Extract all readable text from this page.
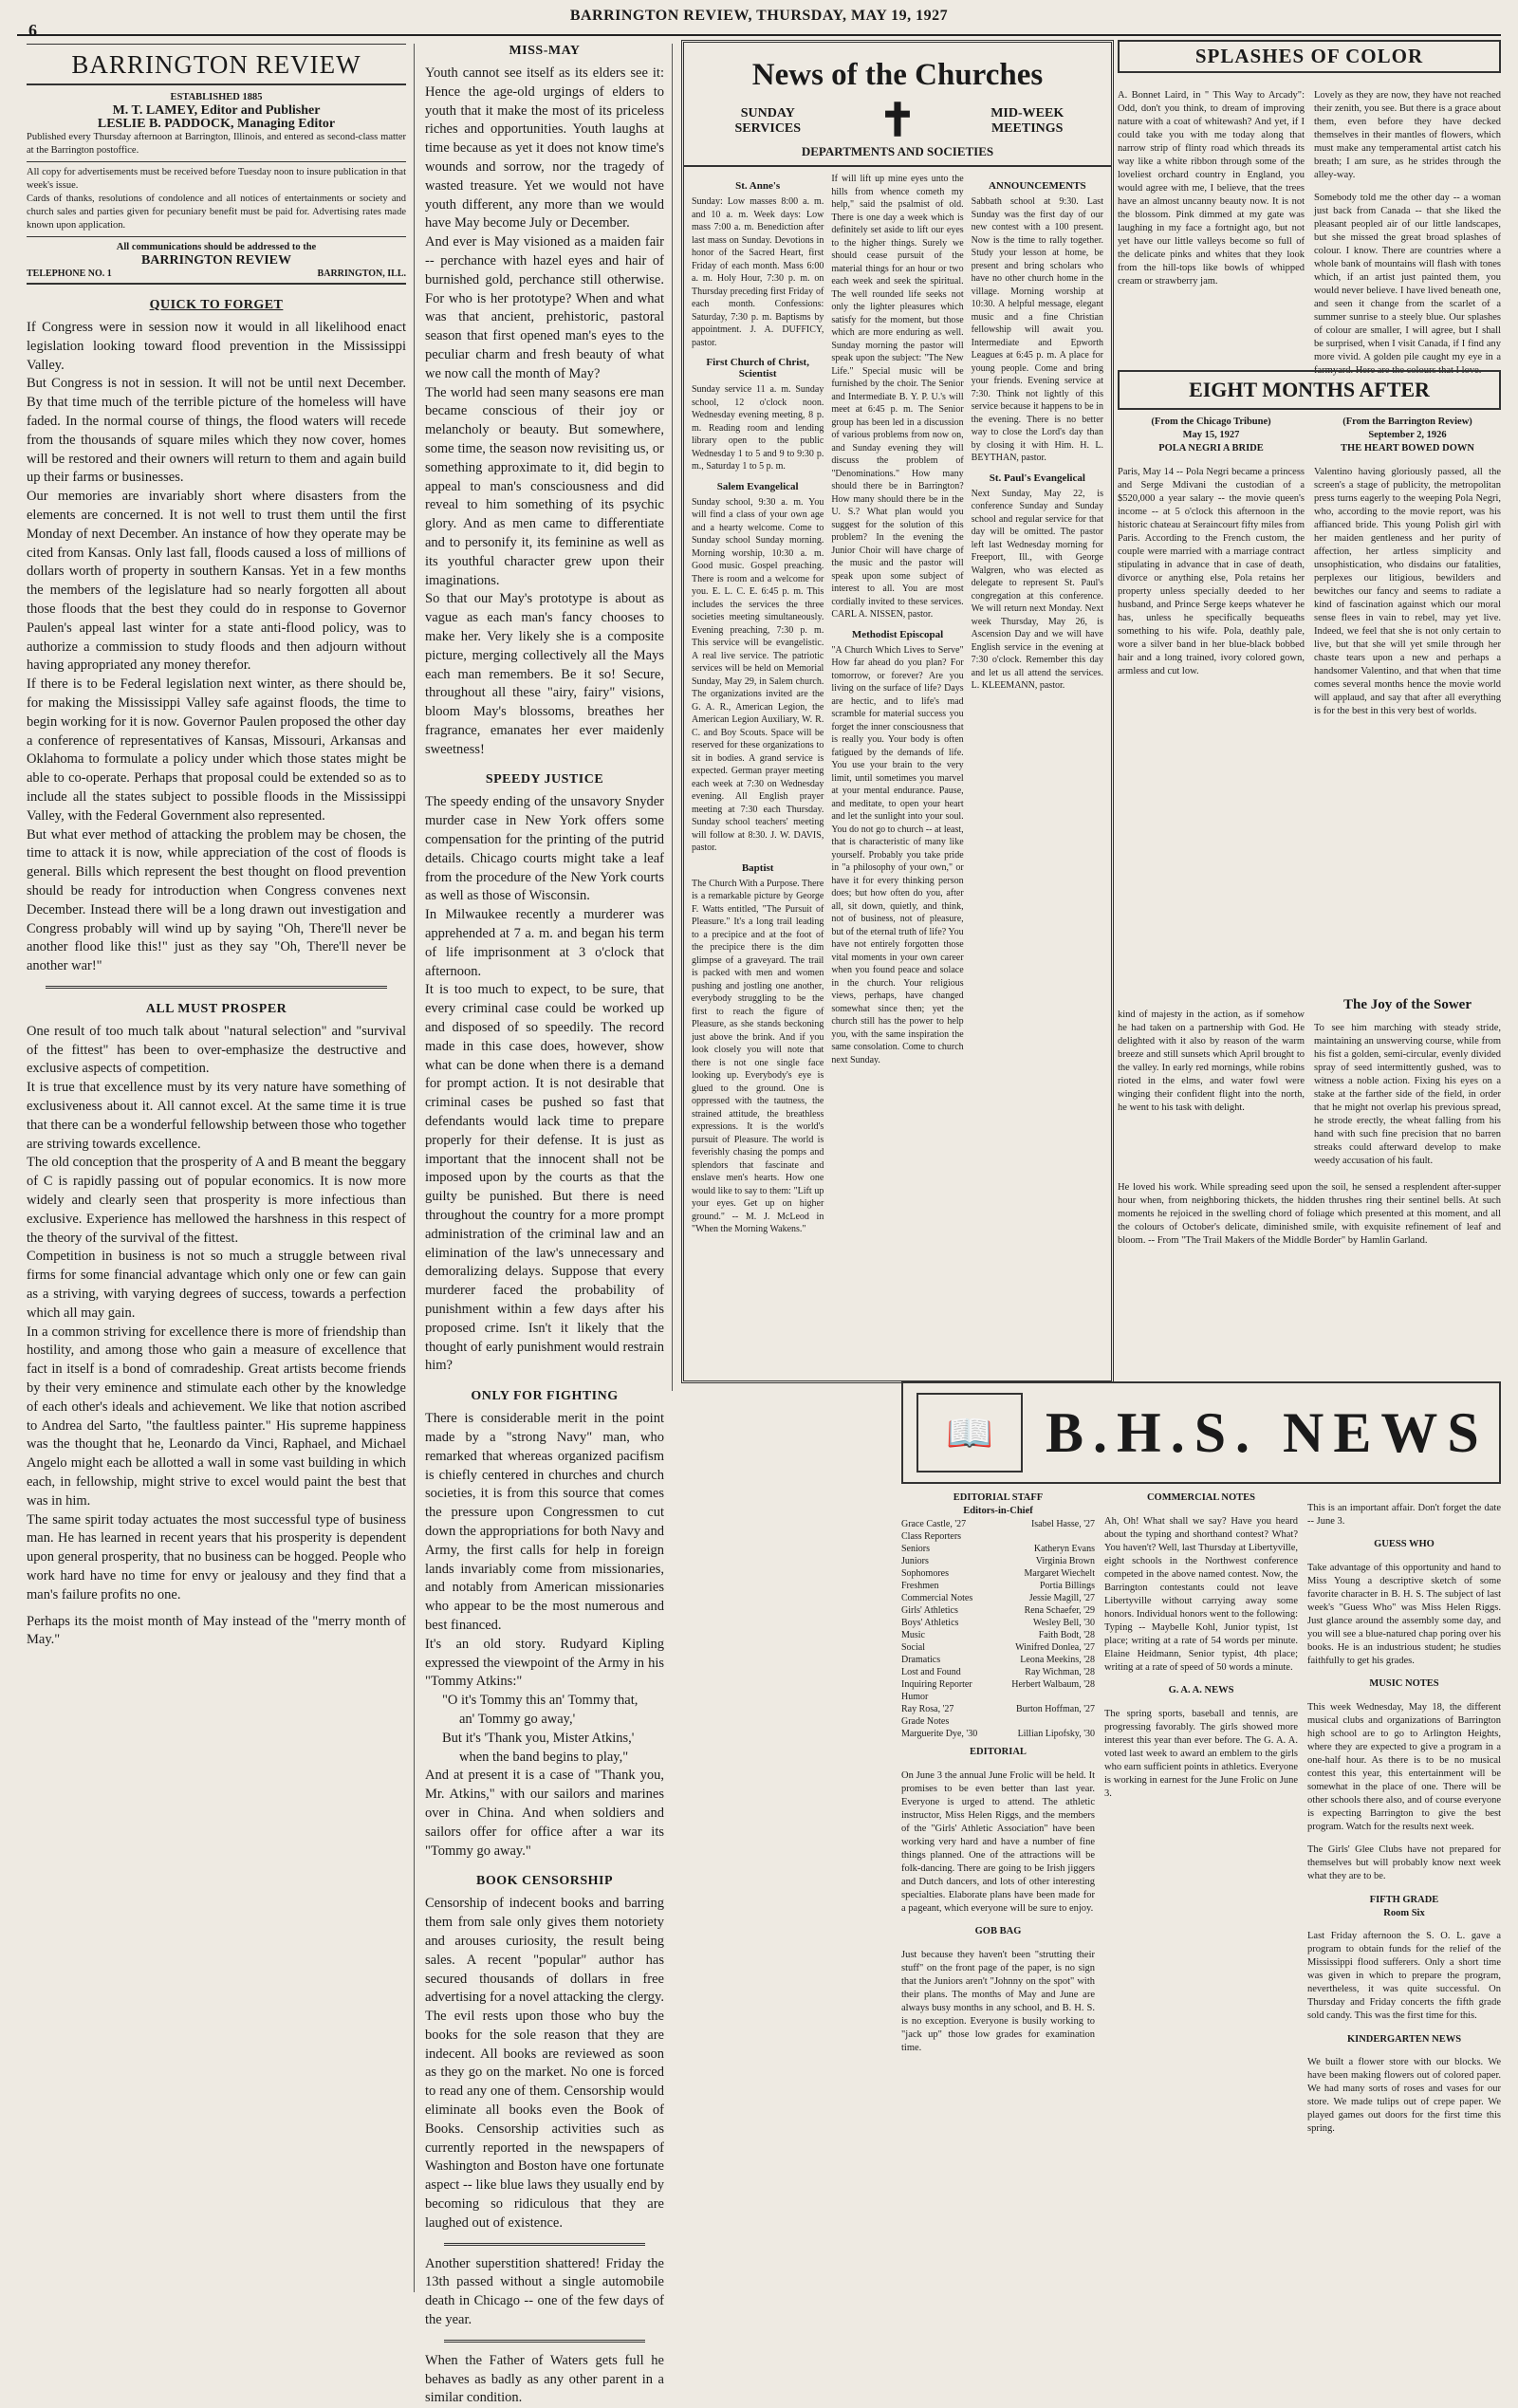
6
BARRINGTON REVIEW, THURSDAY, MAY 19, 1927
BARRINGTON REVIEW
ESTABLISHED 1885
M. T. LAMEY, Editor and Publisher
LESLIE B. PADDOCK, Managing Editor
Published every Thursday afternoon at Barrington, Illinois, and entered as second-class matter at the Barrington postoffice.
All copy for advertisements must be received before Tuesday noon to insure publication in that week's issue.
Cards of thanks, resolutions of condolence and all notices of entertainments or society and church sales and parties given for pecuniary benefit must be paid for. Advertising rates made known upon application.
All communications should be addressed to the
BARRINGTON REVIEW
TELEPHONE NO. 1	BARRINGTON, ILL.
QUICK TO FORGET

If Congress were in session now it would in all likelihood enact legislation looking toward flood prevention in the Mississippi Valley.

But Congress is not in session. It will not be until next December. By that time much of the terrible picture of the homeless will have faded. In the normal course of things, the flood waters will recede from the thousands of square miles which they now cover, homes will be restored and their owners will return to them and again build up their farms or businesses.

Our memories are invariably short where disasters from the elements are concerned. It is not well to trust them until the first Monday of next December. An instance of how they operate may be cited from Kansas. Only last fall, floods caused a loss of millions of dollars worth of property in southern Kansas. Yet in a few months the members of the legislature had so nearly forgotten all about those floods that the best they could do in response to Governor Paulen's appeal last winter for a state anti-flood policy, was to authorize a commission to study floods and then adjourn without having appropriated any money therefor.

If there is to be Federal legislation next winter, as there should be, for making the Mississippi Valley safe against floods, the time to begin working for it is now. Governor Paulen proposed the other day a conference of representatives of Kansas, Missouri, Arkansas and Oklahoma to formulate a policy under which those states might be able to co-operate. Perhaps that proposal could be extended so as to include all the states subject to possible floods in the Mississippi Valley, with the Federal Government also represented.

But what ever method of attacking the problem may be chosen, the time to attack it is now, while appreciation of the cost of floods is general. Bills which represent the best thought on flood prevention should be ready for introduction when Congress convenes next December. Instead there will be a long drawn out investigation and Congress probably will wind up by saying "Oh, There'll never be another flood like this!" just as they say "Oh, There'll never be another war!"

ALL MUST PROSPER

One result of too much talk about "natural selection" and "survival of the fittest" has been to over-emphasize the destructive and exclusive aspects of competition.

It is true that excellence must by its very nature have something of exclusiveness about it. All cannot excel. At the same time it is true that there can be a wonderful fellowship between those who together are striving towards excellence.

The old conception that the prosperity of A and B meant the beggary of C is rapidly passing out of popular economics. It is now more widely and clearly seen that prosperity is more infectious than exclusive. Experience has mellowed the harshness in this respect of the theory of the survival of the fittest.

Competition in business is not so much a struggle between rival firms for some financial advantage which only one or few can gain as a striving, with varying degrees of success, towards a perfection which all may gain.

In a common striving for excellence there is more of friendship than hostility, and among those who gain a measure of excellence that fact in itself is a bond of comradeship. Great artists become friends by their very eminence and stimulate each other by the knowledge of each other's ideals and achievement. We like that notion ascribed to Andrea del Sarto, "the faultless painter." His supreme happiness was the thought that he, Leonardo da Vinci, Raphael, and Michael Angelo might each be allotted a wall in some vast building in which each, in fellowship, might strive to excel would paint the best that was in him.

The same spirit today actuates the most successful type of business man. He has learned in recent years that his prosperity is dependent upon general prosperity, that no business can be hogged. People who work hard have no time for envy or jealousy and they find that a man's failure profits no one.

Perhaps its the moist month of May instead of the "merry month of May."

MISS-MAY

Youth cannot see itself as its elders see it: Hence the age-old urgings of elders to youth that it make the most of its priceless riches and opportunities. Youth laughs at time because as yet it does not know time's wounds and sorrow, nor the tragedy of wasted treasure. Yet we would not have youth different, any more than we would have May become July or December.

And ever is May visioned as a maiden fair -- perchance with hazel eyes and hair of burnished gold, perchance still otherwise. For who is her prototype? When and what was that ancient, prehistoric, pastoral season that first opened man's eyes to the peculiar charm and fresh beauty of what we now call the month of May?

The world had seen many seasons ere man became conscious of their joy or melancholy or beauty. But somewhere, some time, the season now revisiting us, or something approximate to it, did begin to appeal to man's consciousness and did reveal to him something of its psychic glory. And as men came to differentiate and to personify it, its feminine as well as its youthful character grew upon their imaginations.

So that our May's prototype is about as vague as each man's fancy chooses to make her. Very likely she is a composite picture, merging collectively all the Mays each man remembers. Be it so! Secure, throughout all these "airy, fairy" visions, bloom May's blossoms, breathes her fragrance, emanates her ever maidenly sweetness!

SPEEDY JUSTICE

The speedy ending of the unsavory Snyder murder case in New York offers some compensation for the printing of the putrid details. Chicago courts might take a leaf from the procedure of the New York courts as well as those of Wisconsin.

In Milwaukee recently a murderer was apprehended at 7 a. m. and began his term of life imprisonment at 3 o'clock that afternoon.

It is too much to expect, to be sure, that every criminal case could be worked up and disposed of so speedily. The record made in this case does, however, show what can be done when there is a demand for prompt action. It is not desirable that criminal cases be pushed so fast that defendants would lack time to prepare properly for their defense. It is just as important that the innocent shall not be imposed upon by the courts as that the guilty be punished. But there is need throughout the country for a more prompt administration of the criminal law and an elimination of the law's unnecessary and demoralizing delays. Suppose that every murderer faced the probability of punishment within a few days after his proposed crime. Isn't it likely that the thought of early punishment would restrain him?

ONLY FOR FIGHTING

There is considerable merit in the point made by a "strong Navy" man, who remarked that whereas organized pacifism is chiefly centered in churches and church societies, it is from this source that comes the pressure upon Congressmen to cut down the appropriations for both Navy and Army, the first calls for help in foreign lands invariably come from missionaries, and notably from American missionaries who appear to be the most numerous and best financed.

It's an old story. Rudyard Kipling expressed the viewpoint of the Army in his "Tommy Atkins:"

"O it's Tommy this an' Tommy that,

an' Tommy go away,'

But it's 'Thank you, Mister Atkins,'

when the band begins to play,"

And at present it is a case of "Thank you, Mr. Atkins," with our sailors and marines over in China. And when soldiers and sailors offer for office after a war its "Tommy go away."

BOOK CENSORSHIP

Censorship of indecent books and barring them from sale only gives them notoriety and arouses curiosity, the result being sales. A recent "popular" author has secured thousands of dollars in free advertising for a novel attacking the clergy. The evil rests upon those who buy the books for the sole reason that they are indecent. All books are reviewed as soon as they go on the market. No one is forced to read any one of them. Censorship would eliminate all books even the Book of Books. Censorship activities such as currently reported in the newspapers of Washington and Boston have one fortunate aspect -- like blue laws they usually end by becoming so ridiculous that they are laughed out of existence.

Another superstition shattered! Friday the 13th passed without a single automobile death in Chicago -- one of the few days of the year.

When the Father of Waters gets full he behaves as badly as any other parent in a similar condition.

News of the Churches
SUNDAY SERVICES	✝	MID-WEEK MEETINGS
DEPARTMENTS AND SOCIETIES
St. Anne's

Sunday: Low masses 8:00 a. m. and 10 a. m. Week days: Low mass 7:00 a. m. Benediction after last mass on Sunday. Devotions in honor of the Sacred Heart, first Friday of each month. Mass 6:00 a. m. Holy Hour, 7:30 p. m. on Thursday preceding first Friday of each month. Confessions: Saturday, 7:30 p. m. Baptisms by appointment. J. A. DUFFICY, pastor.

First Church of Christ, Scientist

Sunday service 11 a. m. Sunday school, 12 o'clock noon. Wednesday evening meeting, 8 p. m. Reading room and lending library open to the public Wednesday 1 to 5 and 9 to 9:30 p. m., Saturday 1 to 5 p. m.

Salem Evangelical

Sunday school, 9:30 a. m. You will find a class of your own age and a hearty welcome. Come to Sunday school Sunday morning. Morning worship, 10:30 a. m. Good music. Gospel preaching. There is room and a welcome for you. E. L. C. E. 6:45 p. m. This includes the services the three societies meeting simultaneously. Evening preaching, 7:30 p. m. This service will be evangelistic. A real live service. The patriotic services will be held on Memorial Sunday, May 29, in Salem church. The organizations invited are the G. A. R., American Legion, the American Legion Auxiliary, W. R. C. and Boy Scouts. Space will be reserved for these organizations to sit in bodies. A grand service is expected. German prayer meeting each week at 7:30 on Wednesday evening. All English prayer meeting at 7:30 each Thursday. Sunday school teachers' meeting will follow at 8:30. J. W. DAVIS, pastor.

Baptist

The Church With a Purpose. There is a remarkable picture by George F. Watts entitled, "The Pursuit of Pleasure." It's a long trail leading to a precipice and at the foot of the precipice there is the dim glimpse of a graveyard. The trail is packed with men and women pushing and jostling one another, everybody struggling to be the first to reach the figure of Pleasure, as she stands beckoning just above the brink. And if you look closely you will note that there is not one single face looking up. Everybody's eye is glued to the ground. One is oppressed with the tautness, the strained attitude, the breathless expressions. It is the world's pursuit of Pleasure. The world is feverishly chasing the pomps and splendors that fascinate and enslave men's hearts. How one would like to say to them: "Lift up your eyes. Get up on higher ground." -- M. J. McLeod in "When the Morning Wakens."

If will lift up mine eyes unto the hills from whence cometh my help," said the psalmist of old. There is one day a week which is definitely set aside to lift our eyes to the higher things. Surely we should cease pursuit of the material things for an hour or two each week and seek the spiritual. The well rounded life seeks not only the lighter pleasures which satisfy for the moment, but those which are more enduring as well. Sunday morning the pastor will speak upon the subject: "The New Life." Special music will be furnished by the choir. The Senior and Intermediate B. Y. P. U.'s will meet at 6:45 p. m. The Senior group has been led in a discussion of various problems from now on, and Sunday evening they will discuss the problem of "Denominations." How many should there be in Barrington? How many should there be in the U. S.? What plan would you suggest for the solution of this problem? In the evening the Junior Choir will have charge of the music and the pastor will speak upon some subject of interest to all. You are most cordially invited to these services. CARL A. NISSEN, pastor.

Methodist Episcopal

"A Church Which Lives to Serve" How far ahead do you plan? For tomorrow, or forever? Are you living on the surface of life? Days are hectic, and to life's mad scramble for material success you forget the inner consciousness that is really you. Your body is often fatigued by the demands of life. You use your brain to the very limit, until sometimes you marvel at your mental endurance. Pause, and meditate, to open your heart and let the sunlight into your soul. You do not go to church -- at least, that is characteristic of many like yourself. Probably you take pride in "a philosophy of your own," or have it for every thinking person does; but how often do you, after all, sit down, quietly, and think, not of business, not of pleasure, but of the eternal truth of life? You have not entirely forgotten those vital moments in your own career when you found peace and solace in the church. Your religious views, perhaps, have changed somewhat since then; yet the church still has the power to help you, with the same inspiration the same consolation. Come to church next Sunday.

ANNOUNCEMENTS

Sabbath school at 9:30. Last Sunday was the first day of our new contest with a 100 present. Now is the time to rally together. Study your lesson at home, be present and bring scholars who have no other church home in the village. Morning worship at 10:30. A helpful message, elegant music and a fine Christian fellowship will await you. Intermediate and Epworth Leagues at 6:45 p. m. A place for young people. Come and bring your friends. Evening service at 7:30. Think not lightly of this service because it happens to be in the evening. There is no better way to close the Lord's day than by closing it with Him. H. L. BEYTHAN, pastor.

St. Paul's Evangelical

Next Sunday, May 22, is conference Sunday and Sunday school and regular service for that day will be omitted. The pastor left last Wednesday morning for Freeport, Ill., with George Walgren, who was elected as delegate to represent St. Paul's congregation at this conference. We will return next Monday. Next week Thursday, May 26, is Ascension Day and we will have English service in the evening at 7:30 o'clock. Remember this day and let us all attend the services. L. KLEEMANN, pastor.

SPLASHES OF COLOR

A. Bonnet Laird, in " This Way to Arcady": Odd, don't you think, to dream of improving nature with a coat of whitewash? And yet, if I could take you with me today along that narrow strip of flinty road which threads its way like a white ribbon through some of the loveliest orchard country in England, you would agree with me, I believe, that the trees have an almost uncanny beauty now. It is not the blossom. Pink dimmed at my gate was laughing in my face a fortnight ago, but not yet have our little valleys become so full of the delicate pinks and whites that they look from the hill-tops like bowls of whipped cream or strawberry jam.

Lovely as they are now, they have not reached their zenith, you see. But there is a grace about them, even before they have decked themselves in their mantles of flowers, which must make any temperamental artist catch his breath; I am sure, as he strides through the alley-way.

Somebody told me the other day -- a woman just back from Canada -- that she liked the pleasant peopled air of our little landscapes, but she missed the great broad splashes of colour. I know. There are countries where a whole bank of mountains will flash with tones which, if an artist just painted them, you would never believe. I have lived beneath one, and seen it change from the scarlet of a summer sunrise to a steely blue. Our splashes of colour are smaller, I will agree, but I shall be surprised, when I visit Canada, if I find any more vivid. A golden pile caught my eye in a farmyard. Here are the colours that I love.

EIGHT MONTHS AFTER
(From the Chicago Tribune)
May 15, 1927
POLA NEGRI A BRIDE

Paris, May 14 -- Pola Negri became a princess and Serge Mdivani the custodian of a $520,000 a year salary -- the movie queen's income -- at 5 o'clock this afternoon in the historic chateau at Seraincourt fifty miles from Paris. According to the French custom, the couple were married with a marriage contract stipulating in advance that in case of death, divorce or anything else, Pola retains her property unless specially deeded to her husband, and Prince Serge keeps whatever he has, unless he specifically bequeaths something to his wife. Pola, deathly pale, wore a silver band in her blue-black bobbed hair and a long trained, ivory colored gown, armless and cut low.

(From the Barrington Review)
September 2, 1926
THE HEART BOWED DOWN

Valentino having gloriously passed, all the screen's a stage of publicity, the metropolitan press turns eagerly to the weeping Pola Negri, who, according to the movie report, was his affianced bride. This young Polish girl with her maiden gentleness and her purity of affection, her artless simplicity and unsophistication, who disdains our fatalities, perplexes our litigious, bewilders and bewitches our fancy and seems to radiate a kind of fascination against which our moral sense flees in vain to rebel, may yet live. Indeed, we feel that she is not only certain to live, but that she will yet smile through her chaste tears upon a new and perhaps a handsomer Valentino, and that when that time comes several months hence the movie world will applaud, and say that after all everything is for the best in this very best of worlds.

kind of majesty in the action, as if somehow he had taken on a partnership with God. He delighted with it also by reason of the warm breeze and still sunsets which April brought to the valley. In early red mornings, while robins rioted in the elms, and water fowl were winging their confident flight into the north, he went to his task with delight.

The Joy of the Sower

To see him marching with steady stride, maintaining an unswerving course, while from his fist a golden, semi-circular, evenly divided spray of seed intermittently gushed, was to witness a noble action. Fixing his eyes on a stake at the farther side of the field, in order that he might not overlap his previous spread, he strode erectly, the wheat falling from his hand with such fine precision that no barren streaks could afterward develop to make weedy accusation of his fault.

He loved his work. While spreading seed upon the soil, he sensed a resplendent after-supper hour when, from neighboring thickets, the hidden thrushes ring their sentinel bells. At such moments he rejoiced in the swelling chord of foliage which presented at this moment, and all the colours of October's delicate, diminished smile, with exquisite refinement of leaf and bloom. -- From "The Trail Makers of the Middle Border" by Hamlin Garland.

📖 B.H.S. NEWS
EDITORIAL STAFF
Editors-in-Chief
Grace Castle, '27	Isabel Hasse, '27
Class Reporters
Seniors	Katheryn Evans
Juniors	Virginia Brown
Sophomores	Margaret Wiechelt
Freshmen	Portia Billings
Commercial Notes	Jessie Magill, '27
Girls' Athletics	Rena Schaefer, '29
Boys' Athletics	Wesley Bell, '30
Music	Faith Bodt, '28
Social	Winifred Donlea, '27
Dramatics	Leona Meekins, '28
Lost and Found	Ray Wichman, '28
Inquiring Reporter	Herbert Walbaum, '28
Humor
Ray Rosa, '27	Burton Hoffman, '27
Grade Notes
Marguerite Dye, '30	Lillian Lipofsky, '30
EDITORIAL

On June 3 the annual June Frolic will be held. It promises to be even better than last year. Everyone is urged to attend. The athletic instructor, Miss Helen Riggs, and the members of the "Girls' Athletic Association" have been working very hard and have a number of fine things planned. One of the attractions will be folk-dancing. There are going to be Irish jiggers and Dutch dancers, and lots of other interesting specialties. Elaborate plans have been made for a pageant, which everyone will be sure to enjoy.

GOB BAG

Just because they haven't been "strutting their stuff" on the front page of the paper, is no sign that the Juniors aren't "Johnny on the spot" with their plans. The months of May and June are always busy months in any school, and B. H. S. is no exception. Everyone is busily working to "jack up" those low grades for examination time.

COMMERCIAL NOTES

Ah, Oh! What shall we say? Have you heard about the typing and shorthand contest? What? You haven't? Well, last Thursday at Libertyville, eight schools in the Northwest conference competed in the above named contest. Now, the Barrington contestants could not leave Libertyville without carrying away some honors. Individual honors went to the following: Typing -- Maybelle Kohl, Junior typist, 1st place; writing at a rate of 54 words per minute. Elaine Heidmann, Senior typist, 4th place; writing at a rate of speed of 50 words a minute.

G. A. A. NEWS

The spring sports, baseball and tennis, are progressing favorably. The girls showed more interest this year than ever before. The G. A. A. voted last week to award an emblem to the girls who earn sufficient points in athletics. Everyone is working in earnest for the June Frolic on June 3.

This is an important affair. Don't forget the date -- June 3.

GUESS WHO

Take advantage of this opportunity and hand to Miss Young a descriptive sketch of some favorite character in B. H. S. The subject of last week's "Guess Who" was Miss Helen Riggs. Just glance around the assembly some day, and you will see a blue-natured chap poring over his books. He is an industrious student; he studies faithfully to get his grades.

MUSIC NOTES

This week Wednesday, May 18, the different musical clubs and organizations of Barrington high school are to go to Arlington Heights, where they are expected to give a program in a one-half hour. As there is to be no musical contest this year, this entertainment will be somewhat in the place of one. There will be other schools there also, and of course everyone is expecting Barrington to give the best program. Watch for the results next week.

The Girls' Glee Clubs have not prepared for themselves but will probably know next week what they are to be.

FIFTH GRADE
Room Six

Last Friday afternoon the S. O. L. gave a program to obtain funds for the relief of the Mississippi flood sufferers. Only a short time was given in which to prepare the program, nevertheless, it was quite successful. On Thursday and Friday concerts the fifth grade sold candy. This was the first time for this.

KINDERGARTEN NEWS

We built a flower store with our blocks. We have been making flowers out of colored paper. We had many sorts of roses and vases for our store. We made tulips out of crepe paper. We played games out doors for the first time this spring.
